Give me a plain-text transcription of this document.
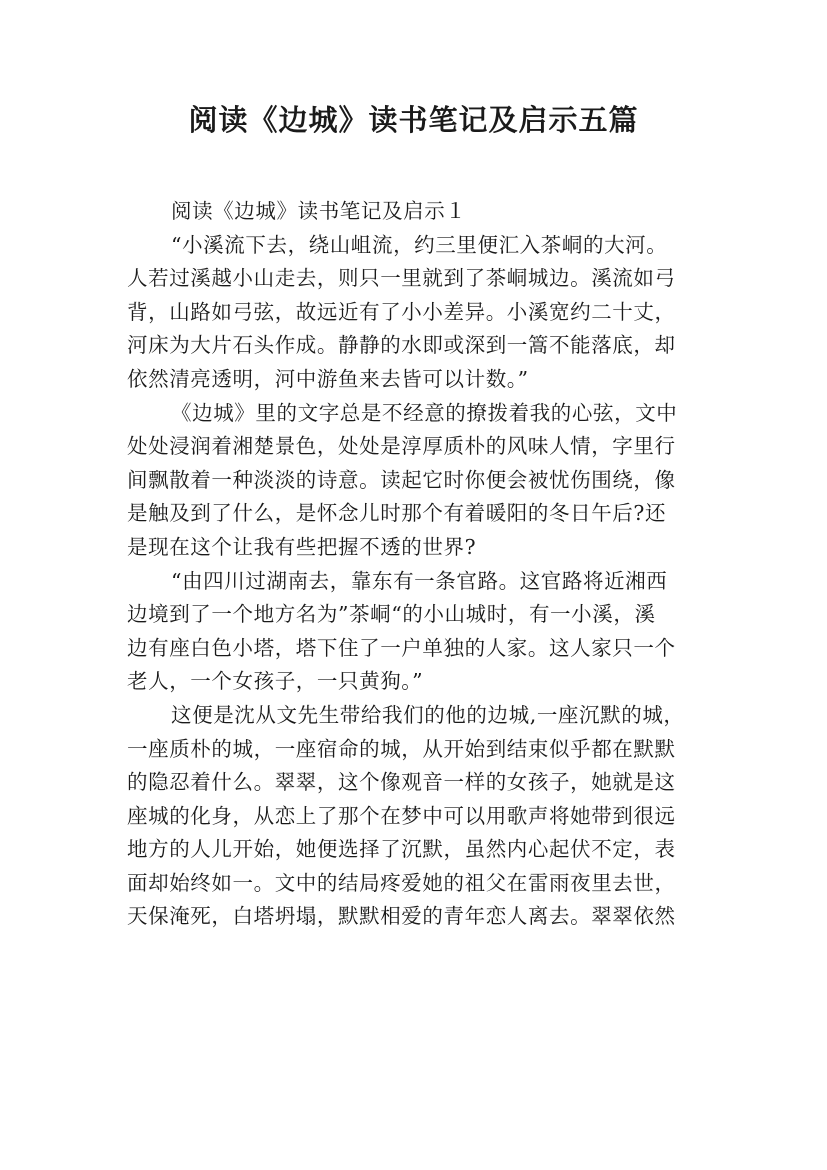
阅读《边城》读书笔记及启示五篇
阅读《边城》读书笔记及启示１
“小溪流下去，绕山岨流，约三里便汇入茶峒的大河。
人若过溪越小山走去，则只一里就到了茶峒城边。溪流如弓
背，山路如弓弦，故远近有了小小差异。小溪宽约二十丈，
河床为大片石头作成。静静的水即或深到一篙不能落底，却
依然清亮透明，河中游鱼来去皆可以计数。”
《边城》里的文字总是不经意的撩拨着我的心弦，文中
处处浸润着湘楚景色，处处是淳厚质朴的风味人情，字里行
间飘散着一种淡淡的诗意。读起它时你便会被忧伤围绕，像
是触及到了什么，是怀念儿时那个有着暖阳的冬日午后?还
是现在这个让我有些把握不透的世界?
“由四川过湖南去，靠东有一条官路。这官路将近湘西
边境到了一个地方名为”茶峒“的小山城时，有一小溪，溪
边有座白色小塔，塔下住了一户单独的人家。这人家只一个
老人，一个女孩子，一只黄狗。”
这便是沈从文先生带给我们的他的边城,一座沉默的城，
一座质朴的城，一座宿命的城，从开始到结束似乎都在默默
的隐忍着什么。翠翠，这个像观音一样的女孩子，她就是这
座城的化身，从恋上了那个在梦中可以用歌声将她带到很远
地方的人儿开始，她便选择了沉默，虽然内心起伏不定，表
面却始终如一。文中的结局疼爱她的祖父在雷雨夜里去世，
天保淹死，白塔坍塌，默默相爱的青年恋人离去。翠翠依然
